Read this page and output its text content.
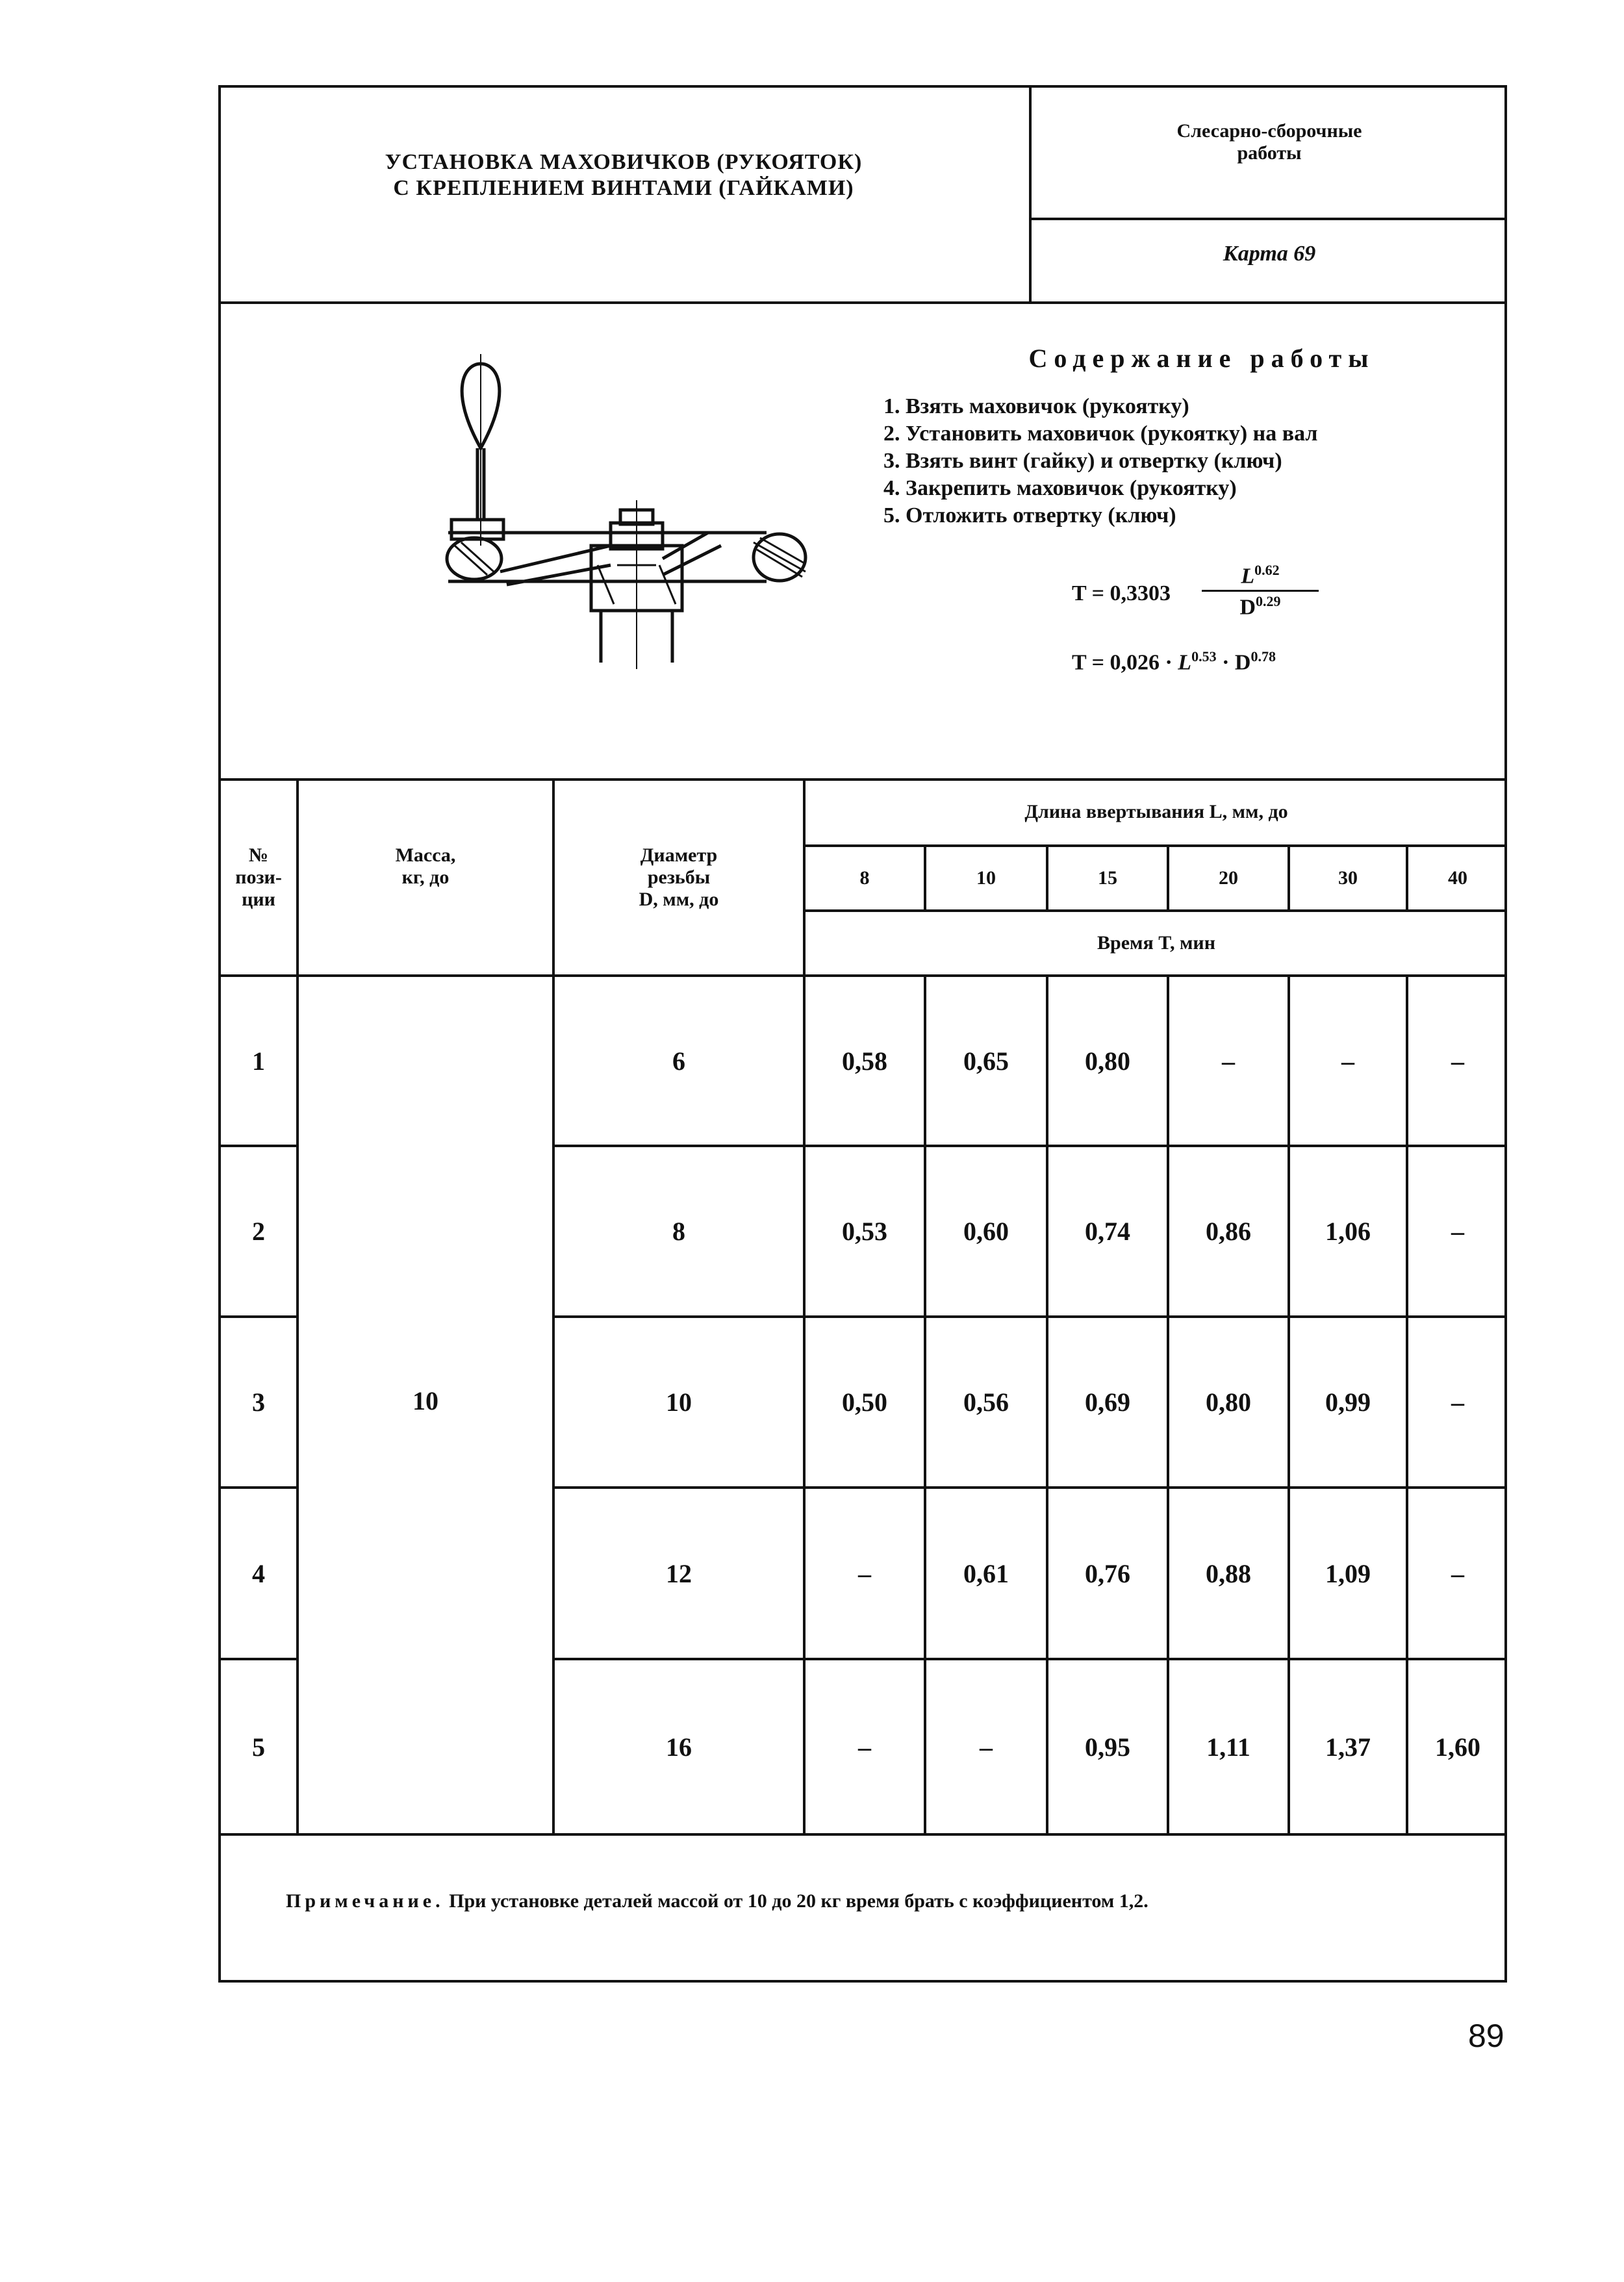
УСТАНОВКА МАХОВИЧКОВ (РУКОЯТОК)
С КРЕПЛЕНИЕМ ВИНТАМИ (ГАЙКАМИ)
Слесарно-сборочные
работы
Карта 69
Содержание работы
1. Взять маховичок (рукоятку)
2. Установить маховичок (рукоятку) на вал
3. Взять винт (гайку) и отвертку (ключ)
4. Закрепить маховичок (рукоятку)
5. Отложить отвертку (ключ)
T = 0,3303
$L^{0.62}$
$D^{0.29}$
$T = 0,026 \cdot L^{0.53} \cdot D^{0.78}$
№
пози-
ции
Масса,
кг, до
Диаметр
резьбы
D, мм, до
Длина ввертывания L, мм, до
8	10	15	20	30	40
Время T, мин
10
1	6	0,58	0,65	0,80	–	–	–
2	8	0,53	0,60	0,74	0,86	1,06	–
3	10	0,50	0,56	0,69	0,80	0,99	–
4	12	–	0,61	0,76	0,88	1,09	–
5	16	–	–	0,95	1,11	1,37	1,60
Примечание. При установке деталей массой от 10 до 20 кг время брать с коэффициентом 1,2.
89
